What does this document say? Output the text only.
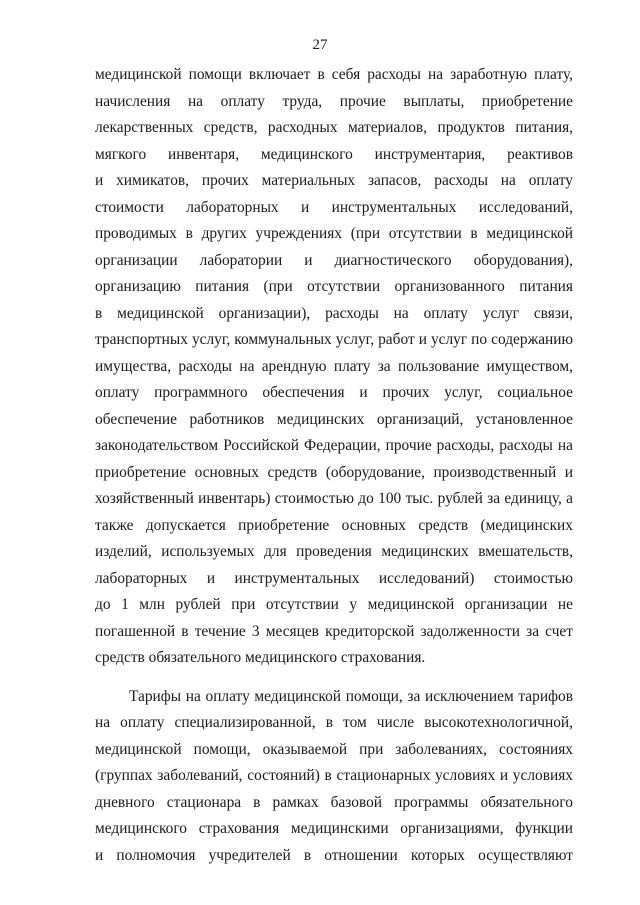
27
медицинской помощи включает в себя расходы на заработную плату,
начисления на оплату труда, прочие выплаты, приобретение
лекарственных средств, расходных материалов, продуктов питания,
мягкого инвентаря, медицинского инструментария, реактивов
и химикатов, прочих материальных запасов, расходы на оплату
стоимости лабораторных и инструментальных исследований,
проводимых в других учреждениях (при отсутствии в медицинской
организации лаборатории и диагностического оборудования),
организацию питания (при отсутствии организованного питания
в медицинской организации), расходы на оплату услуг связи,
транспортных услуг, коммунальных услуг, работ и услуг по содержанию
имущества, расходы на арендную плату за пользование имуществом,
оплату программного обеспечения и прочих услуг, социальное
обеспечение работников медицинских организаций, установленное
законодательством Российской Федерации, прочие расходы, расходы на
приобретение основных средств (оборудование, производственный и
хозяйственный инвентарь) стоимостью до 100 тыс. рублей за единицу, а
также допускается приобретение основных средств (медицинских
изделий, используемых для проведения медицинских вмешательств,
лабораторных и инструментальных исследований) стоимостью
до 1 млн рублей при отсутствии у медицинской организации не
погашенной в течение 3 месяцев кредиторской задолженности за счет
средств обязательного медицинского страхования.
Тарифы на оплату медицинской помощи, за исключением тарифов
на оплату специализированной, в том числе высокотехнологичной,
медицинской помощи, оказываемой при заболеваниях, состояниях
(группах заболеваний, состояний) в стационарных условиях и условиях
дневного стационара в рамках базовой программы обязательного
медицинского страхования медицинскими организациями, функции
и полномочия учредителей в отношении которых осуществляют
